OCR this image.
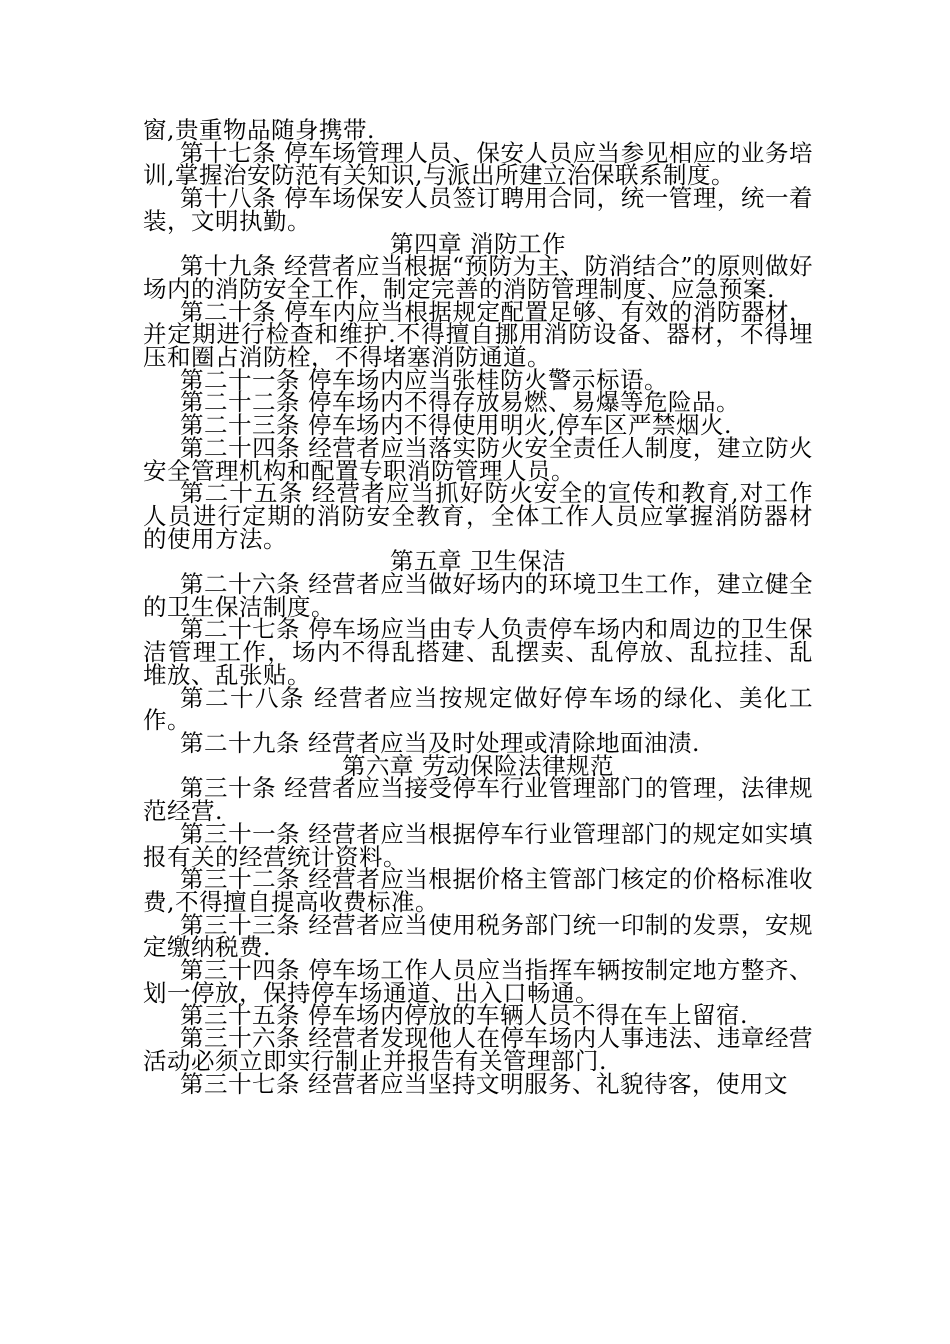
窗,贵重物品随身携带.

第十七条 停车场管理人员、保安人员应当参见相应的业务培训,掌握治安防范有关知识,与派出所建立治保联系制度。

第十八条 停车场保安人员签订聘用合同，统一管理，统一着装，文明执勤。

第四章 消防工作

第十九条 经营者应当根据“预防为主、防消结合”的原则做好场内的消防安全工作，制定完善的消防管理制度、应急预案.

第二十条 停车内应当根据规定配置足够、有效的消防器材，并定期进行检查和维护.不得擅自挪用消防设备、器材，不得埋压和圈占消防栓，不得堵塞消防通道。

第二十一条 停车场内应当张桂防火警示标语。

第二十二条 停车场内不得存放易燃、易爆等危险品。

第二十三条 停车场内不得使用明火,停车区严禁烟火.

第二十四条 经营者应当落实防火安全责任人制度，建立防火安全管理机构和配置专职消防管理人员。

第二十五条 经营者应当抓好防火安全的宣传和教育,对工作人员进行定期的消防安全教育，全体工作人员应掌握消防器材的使用方法。

第五章 卫生保洁

第二十六条 经营者应当做好场内的环境卫生工作，建立健全的卫生保洁制度。

第二十七条 停车场应当由专人负责停车场内和周边的卫生保洁管理工作，场内不得乱搭建、乱摆卖、乱停放、乱拉挂、乱堆放、乱张贴。

第二十八条 经营者应当按规定做好停车场的绿化、美化工作。

第二十九条 经营者应当及时处理或清除地面油渍.

第六章 劳动保险法律规范

第三十条 经营者应当接受停车行业管理部门的管理，法律规范经营.

第三十一条 经营者应当根据停车行业管理部门的规定如实填报有关的经营统计资料。

第三十二条 经营者应当根据价格主管部门核定的价格标准收费,不得擅自提高收费标准。

第三十三条 经营者应当使用税务部门统一印制的发票，安规定缴纳税费.

第三十四条 停车场工作人员应当指挥车辆按制定地方整齐、划一停放，保持停车场通道、出入口畅通。

第三十五条 停车场内停放的车辆人员不得在车上留宿.

第三十六条 经营者发现他人在停车场内人事违法、违章经营活动必须立即实行制止并报告有关管理部门.

第三十七条 经营者应当坚持文明服务、礼貌待客，使用文
